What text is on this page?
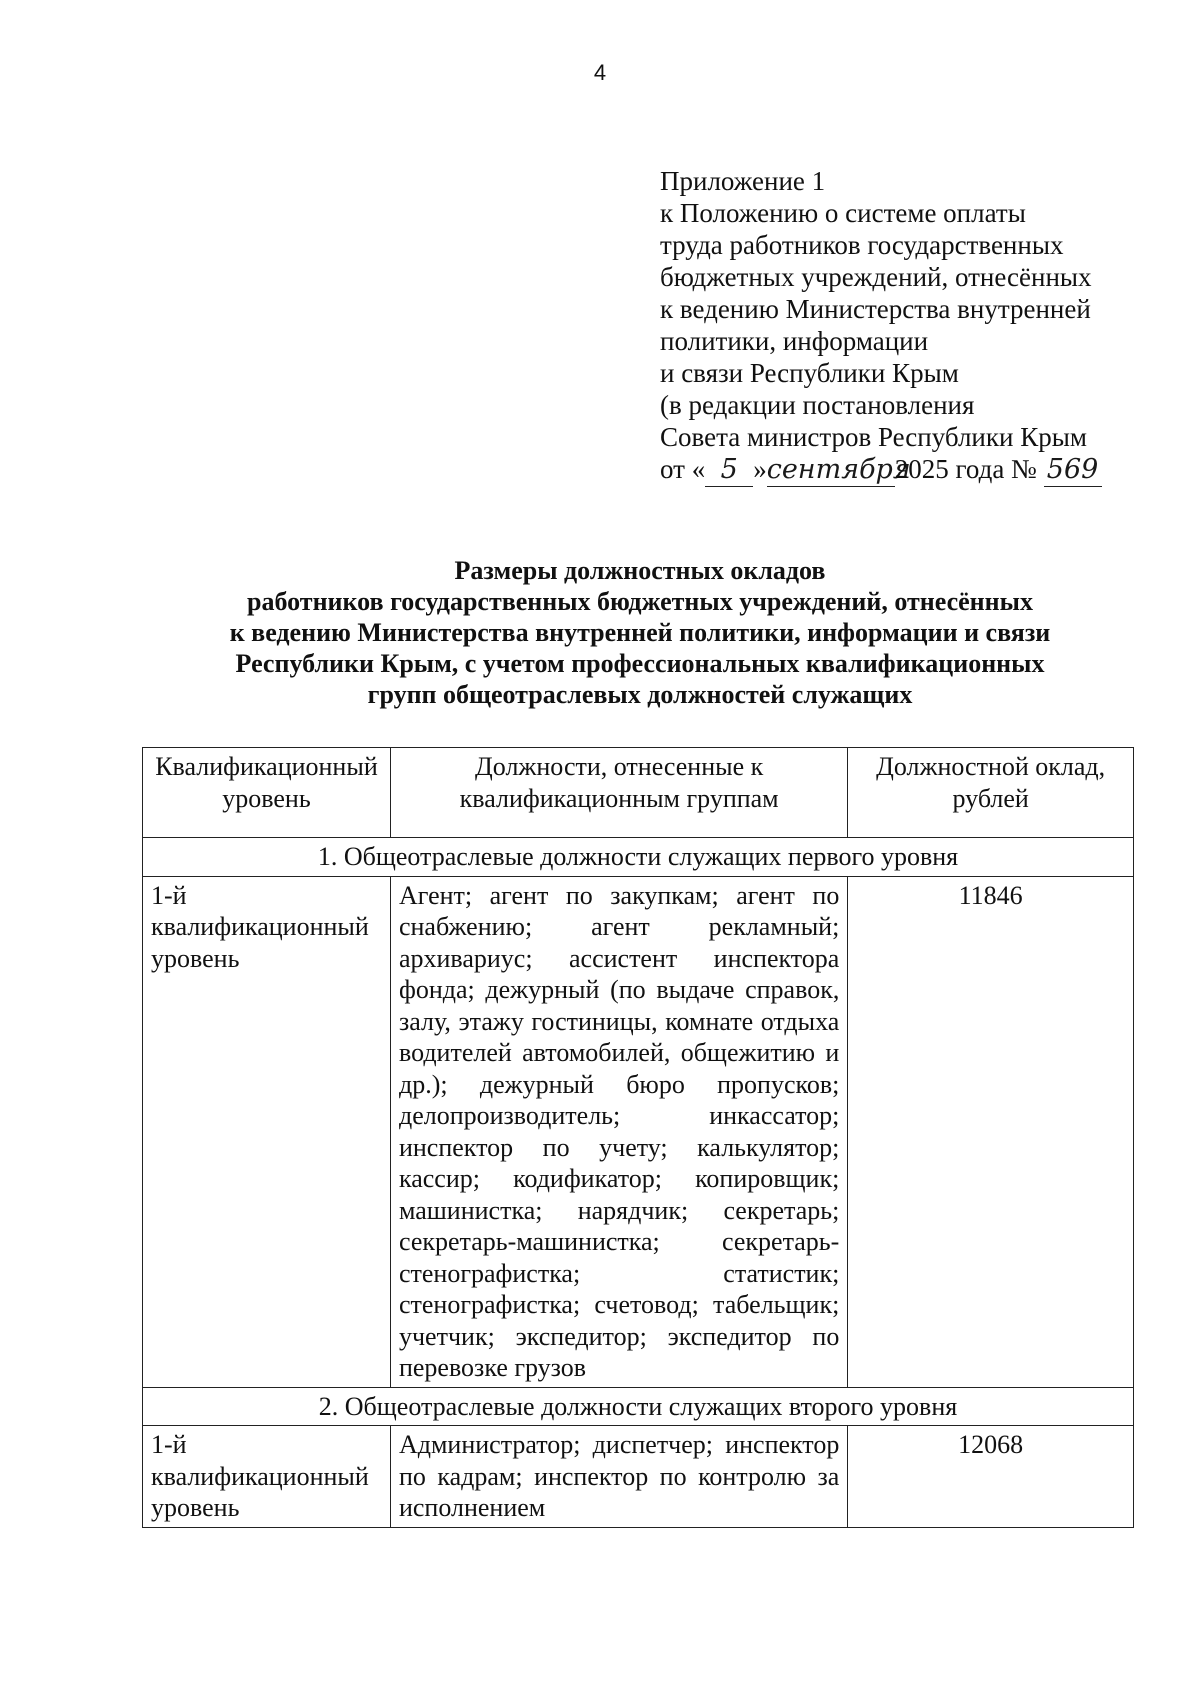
4
Приложение 1
к Положению о системе оплаты
труда работников государственных
бюджетных учреждений, отнесённых
к ведению Министерства внутренней
политики, информации
и связи Республики Крым
(в редакции постановления
Совета министров Республики Крым
от « 5 »сентября2025 года № 569
Размеры должностных окладов
работников государственных бюджетных учреждений, отнесённых
к ведению Министерства внутренней политики, информации и связи
Республики Крым, с учетом профессиональных квалификационных
групп общеотраслевых должностей служащих
Квалификационный уровень	Должности, отнесенные к квалификационным группам	Должностной оклад, рублей
1. Общеотраслевые должности служащих первого уровня		
1-й квалификационный уровень	Агент; агент по закупкам; агент по снабжению; агент рекламный; архивариус; ассистент инспектора фонда; дежурный (по выдаче справок, залу, этажу гостиницы, комнате отдыха водителей автомобилей, общежитию и др.); дежурный бюро пропусков; делопроизводитель; инкассатор; инспектор по учету; калькулятор; кассир; кодификатор; копировщик; машинистка; нарядчик; секретарь; секретарь-машинистка; секретарь-стенографистка; статистик; стенографистка; счетовод; табельщик; учетчик; экспедитор; экспедитор по перевозке грузов	11846
2. Общеотраслевые должности служащих второго уровня		
1-й квалификационный уровень	Администратор; диспетчер; инспектор по кадрам; инспектор по контролю за исполнением	12068
